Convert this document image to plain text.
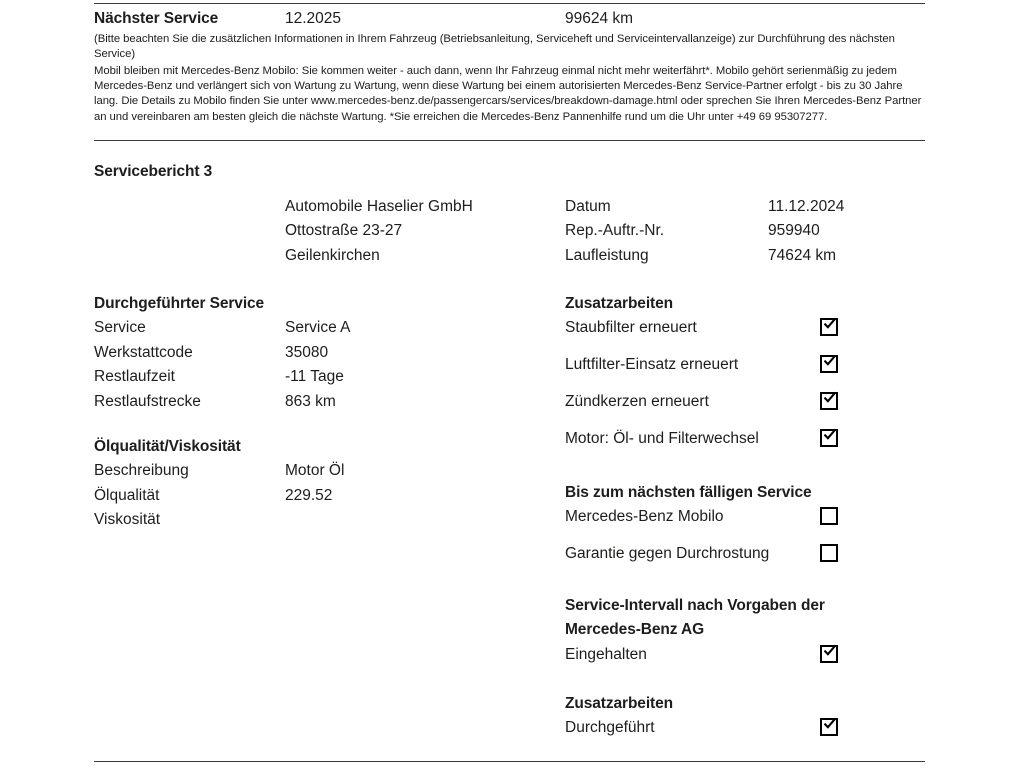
Nächster Service	12.2025	99624 km
(Bitte beachten Sie die zusätzlichen Informationen in Ihrem Fahrzeug (Betriebsanleitung, Serviceheft und Serviceintervallanzeige) zur Durchführung des nächsten Service)
Mobil bleiben mit Mercedes-Benz Mobilo: Sie kommen weiter - auch dann, wenn Ihr Fahrzeug einmal nicht mehr weiterfährt*. Mobilo gehört serienmäßig zu jedem Mercedes-Benz und verlängert sich von Wartung zu Wartung, wenn diese Wartung bei einem autorisierten Mercedes-Benz Service-Partner erfolgt - bis zu 30 Jahre lang. Die Details zu Mobilo finden Sie unter www.mercedes-benz.de/passengercars/services/breakdown-damage.html oder sprechen Sie Ihren Mercedes-Benz Partner an und vereinbaren am besten gleich die nächste Wartung. *Sie erreichen die Mercedes-Benz Pannenhilfe rund um die Uhr unter +49 69 95307277.
Servicebericht 3
Automobile Haselier GmbH
Ottostraße 23-27
Geilenkirchen
Datum	11.12.2024
Rep.-Auftr.-Nr.	959940
Laufleistung	74624 km
Durchgeführter Service
Service	Service A
Werkstattcode	35080
Restlaufzeit	-11 Tage
Restlaufstrecke	863 km
Ölqualität/Viskosität
Beschreibung	Motor Öl
Ölqualität	229.52
Viskosität
Zusatzarbeiten
Staubfilter erneuert
Luftfilter-Einsatz erneuert
Zündkerzen erneuert
Motor: Öl- und Filterwechsel
Bis zum nächsten fälligen Service
Mercedes-Benz Mobilo
Garantie gegen Durchrostung
Service-Intervall nach Vorgaben der
Mercedes-Benz AG
Eingehalten
Zusatzarbeiten
Durchgeführt
